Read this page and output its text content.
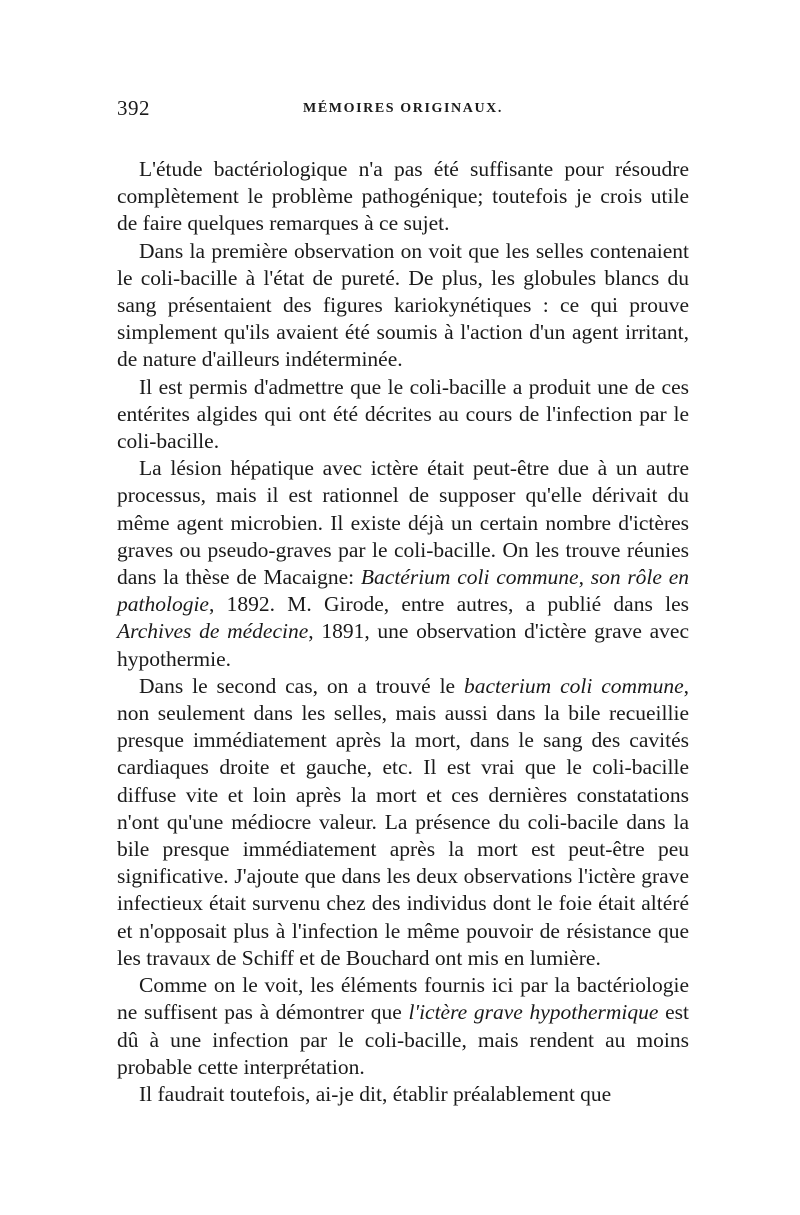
392	MÉMOIRES ORIGINAUX.

L'étude bactériologique n'a pas été suffisante pour résoudre complètement le problème pathogénique; toutefois je crois utile de faire quelques remarques à ce sujet.

Dans la première observation on voit que les selles contenaient le coli-bacille à l'état de pureté. De plus, les globules blancs du sang présentaient des figures kariokynétiques : ce qui prouve simplement qu'ils avaient été soumis à l'action d'un agent irritant, de nature d'ailleurs indéterminée.

Il est permis d'admettre que le coli-bacille a produit une de ces entérites algides qui ont été décrites au cours de l'infection par le coli-bacille.

La lésion hépatique avec ictère était peut-être due à un autre processus, mais il est rationnel de supposer qu'elle dérivait du même agent microbien. Il existe déjà un certain nombre d'ictères graves ou pseudo-graves par le coli-bacille. On les trouve réunies dans la thèse de Macaigne: Bactérium coli commune, son rôle en pathologie, 1892. M. Girode, entre autres, a publié dans les Archives de médecine, 1891, une observation d'ictère grave avec hypothermie.

Dans le second cas, on a trouvé le bacterium coli commune, non seulement dans les selles, mais aussi dans la bile recueillie presque immédiatement après la mort, dans le sang des cavités cardiaques droite et gauche, etc. Il est vrai que le coli-bacille diffuse vite et loin après la mort et ces dernières constatations n'ont qu'une médiocre valeur. La présence du coli-bacile dans la bile presque immédiatement après la mort est peut-être peu significative. J'ajoute que dans les deux observations l'ictère grave infectieux était survenu chez des individus dont le foie était altéré et n'opposait plus à l'infection le même pouvoir de résistance que les travaux de Schiff et de Bouchard ont mis en lumière.

Comme on le voit, les éléments fournis ici par la bactériologie ne suffisent pas à démontrer que l'ictère grave hypothermique est dû à une infection par le coli-bacille, mais rendent au moins probable cette interprétation.

Il faudrait toutefois, ai-je dit, établir préalablement que
